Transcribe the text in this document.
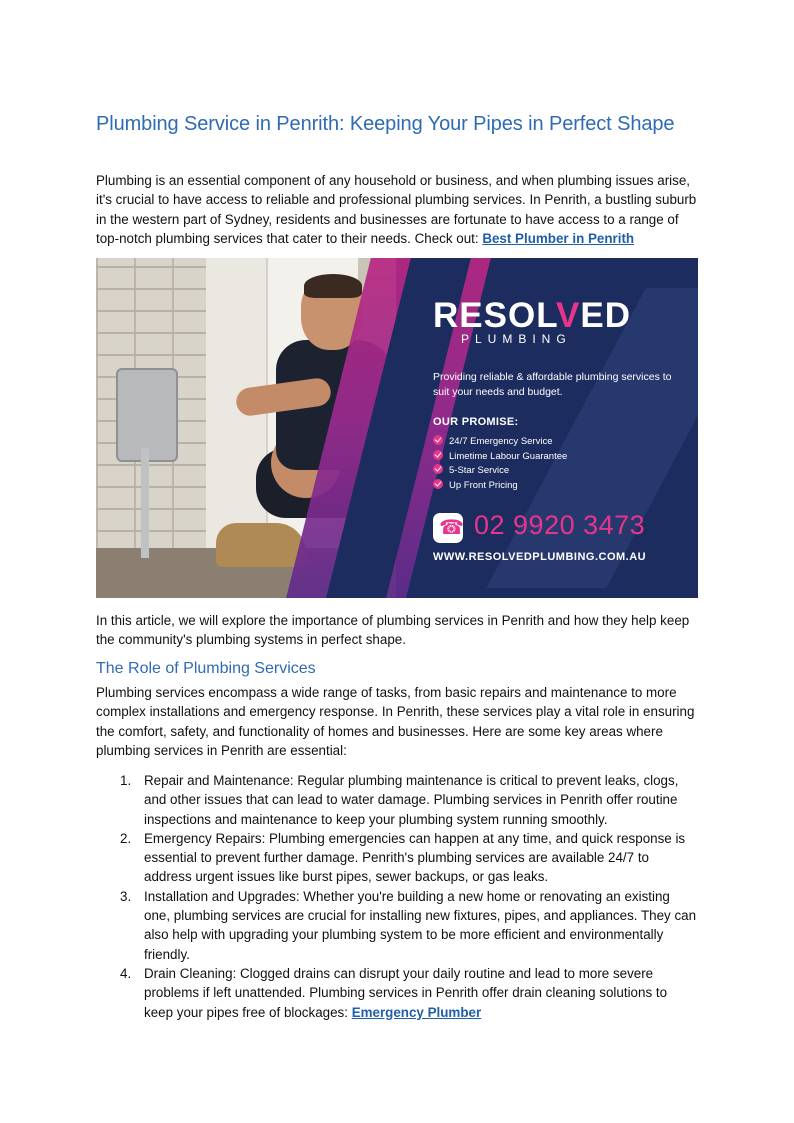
Plumbing Service in Penrith: Keeping Your Pipes in Perfect Shape

Plumbing is an essential component of any household or business, and when plumbing issues arise, it's crucial to have access to reliable and professional plumbing services. In Penrith, a bustling suburb in the western part of Sydney, residents and businesses are fortunate to have access to a range of top-notch plumbing services that cater to their needs. Check out: Best Plumber in Penrith

RESOLVED
PLUMBING

Providing reliable & affordable plumbing services to suit your needs and budget.

OUR PROMISE:

24/7 Emergency Service
Limetime Labour Guarantee
5-Star Service
Up Front Pricing
☎
02 9920 3473
WWW.RESOLVEDPLUMBING.COM.AU

In this article, we will explore the importance of plumbing services in Penrith and how they help keep the community's plumbing systems in perfect shape.

The Role of Plumbing Services

Plumbing services encompass a wide range of tasks, from basic repairs and maintenance to more complex installations and emergency response. In Penrith, these services play a vital role in ensuring the comfort, safety, and functionality of homes and businesses. Here are some key areas where plumbing services in Penrith are essential:

1. Repair and Maintenance: Regular plumbing maintenance is critical to prevent leaks, clogs, and other issues that can lead to water damage. Plumbing services in Penrith offer routine inspections and maintenance to keep your plumbing system running smoothly.
2. Emergency Repairs: Plumbing emergencies can happen at any time, and quick response is essential to prevent further damage. Penrith's plumbing services are available 24/7 to address urgent issues like burst pipes, sewer backups, or gas leaks.
3. Installation and Upgrades: Whether you're building a new home or renovating an existing one, plumbing services are crucial for installing new fixtures, pipes, and appliances. They can also help with upgrading your plumbing system to be more efficient and environmentally friendly.
4. Drain Cleaning: Clogged drains can disrupt your daily routine and lead to more severe problems if left unattended. Plumbing services in Penrith offer drain cleaning solutions to keep your pipes free of blockages: Emergency Plumber
